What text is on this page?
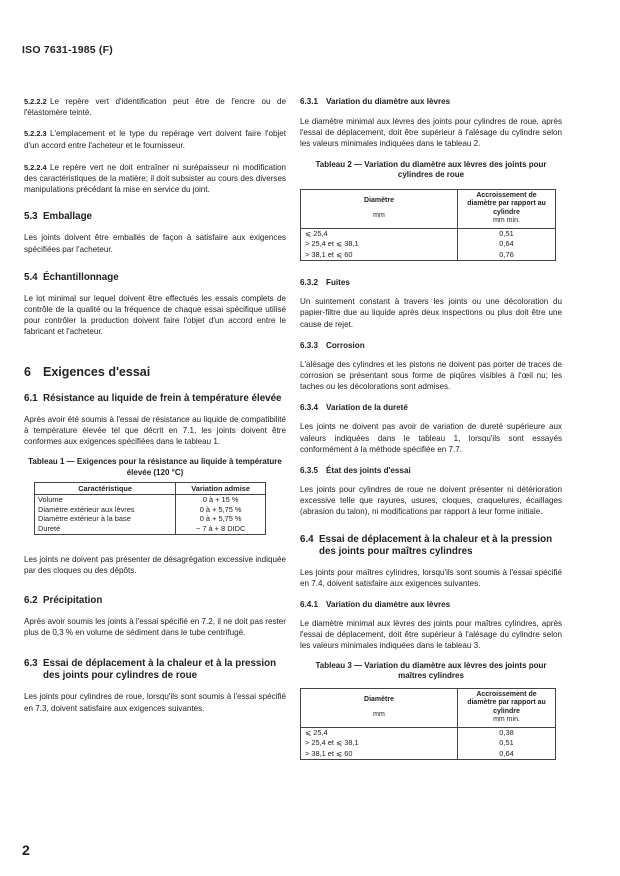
ISO 7631-1985 (F)

5.2.2.2 Le repère vert d'identification peut être de l'encre ou de l'élastomère teinté.

5.2.2.3 L'emplacement et le type du repérage vert doivent faire l'objet d'un accord entre l'acheteur et le fournisseur.

5.2.2.4 Le repère vert ne doit entraîner ni surépaisseur ni modification des caractéristiques de la matière; il doit subsister au cours des diverses manipulations précédant la mise en service du joint.

5.3 Emballage

Les joints doivent être emballés de façon à satisfaire aux exigences spécifiées par l'acheteur.

5.4 Échantillonnage

Le lot minimal sur lequel doivent être effectués les essais complets de contrôle de la qualité ou la fréquence de chaque essai spécifique utilisé pour contrôler la production doivent faire l'objet d'un accord entre le fabricant et l'acheteur.

6 Exigences d'essai

6.1 Résistance au liquide de frein à température élevée

Après avoir été soumis à l'essai de résistance au liquide de compatibilité à température élevée tel que décrit en 7.1, les joints doivent être conformes aux exigences spécifiées dans le tableau 1.

Tableau 1 — Exigences pour la résistance au liquide à température élevée (120 °C)

Caractéristique	Variation admise
Volume	0 à + 15 %
Diamètre extérieur aux lèvres	0 à + 5,75 %
Diamètre extérieur à la base	0 à + 5,75 %
Dureté	− 7 à + 8 DIDC

Les joints ne doivent pas présenter de désagrégation excessive indiquée par des cloques ou des dépôts.

6.2 Précipitation

Après avoir soumis les joints à l'essai spécifié en 7.2, il ne doit pas rester plus de 0,3 % en volume de sédiment dans le tube centrifugé.

6.3 Essai de déplacement à la chaleur et à la pression des joints pour cylindres de roue

Les joints pour cylindres de roue, lorsqu'ils sont soumis à l'essai spécifié en 7.3, doivent satisfaire aux exigences suivantes.

6.3.1 Variation du diamètre aux lèvres

Le diamètre minimal aux lèvres des joints pour cylindres de roue, après l'essai de déplacement, doit être supérieur à l'alésage du cylindre selon les valeurs minimales indiquées dans le tableau 2.

Tableau 2 — Variation du diamètre aux lèvres des joints pour cylindres de roue

Diamètre
mm	Accroissement de diamètre par rapport au cylindre
mm min.

⩽ 25,4	0,51
> 25,4 et ⩽ 38,1	0,64
> 38,1 et ⩽ 60	0,76

6.3.2 Fuites

Un suintement constant à travers les joints ou une décoloration du papier-filtre due au liquide après deux inspections ou plus doit être une cause de rejet.

6.3.3 Corrosion

L'alésage des cylindres et les pistons ne doivent pas porter de traces de corrosion se présentant sous forme de piqûres visibles à l'œil nu; les taches ou les décolorations sont admises.

6.3.4 Variation de la dureté

Les joints ne doivent pas avoir de variation de dureté supérieure aux valeurs indiquées dans le tableau 1, lorsqu'ils sont essayés conformément à la méthode spécifiée en 7.7.

6.3.5 État des joints d'essai

Les joints pour cylindres de roue ne doivent présenter ni détérioration excessive telle que rayures, usures, cloques, craquelures, écaillages (abrasion du talon), ni modifications par rapport à leur forme initiale.

6.4 Essai de déplacement à la chaleur et à la pression des joints pour maîtres cylindres

Les joints pour maîtres cylindres, lorsqu'ils sont soumis à l'essai spécifié en 7.4, doivent satisfaire aux exigences suivantes.

6.4.1 Variation du diamètre aux lèvres

Le diamètre minimal aux lèvres des joints pour maîtres cylindres, après l'essai de déplacement, doit être supérieur à l'alésage du cylindre selon les valeurs minimales indiquées dans le tableau 3.

Tableau 3 — Variation du diamètre aux lèvres des joints pour maîtres cylindres

Diamètre
mm	Accroissement de diamètre par rapport au cylindre
mm min.

⩽ 25,4	0,38
> 25,4 et ⩽ 38,1	0,51
> 38,1 et ⩽ 60	0,64
2
